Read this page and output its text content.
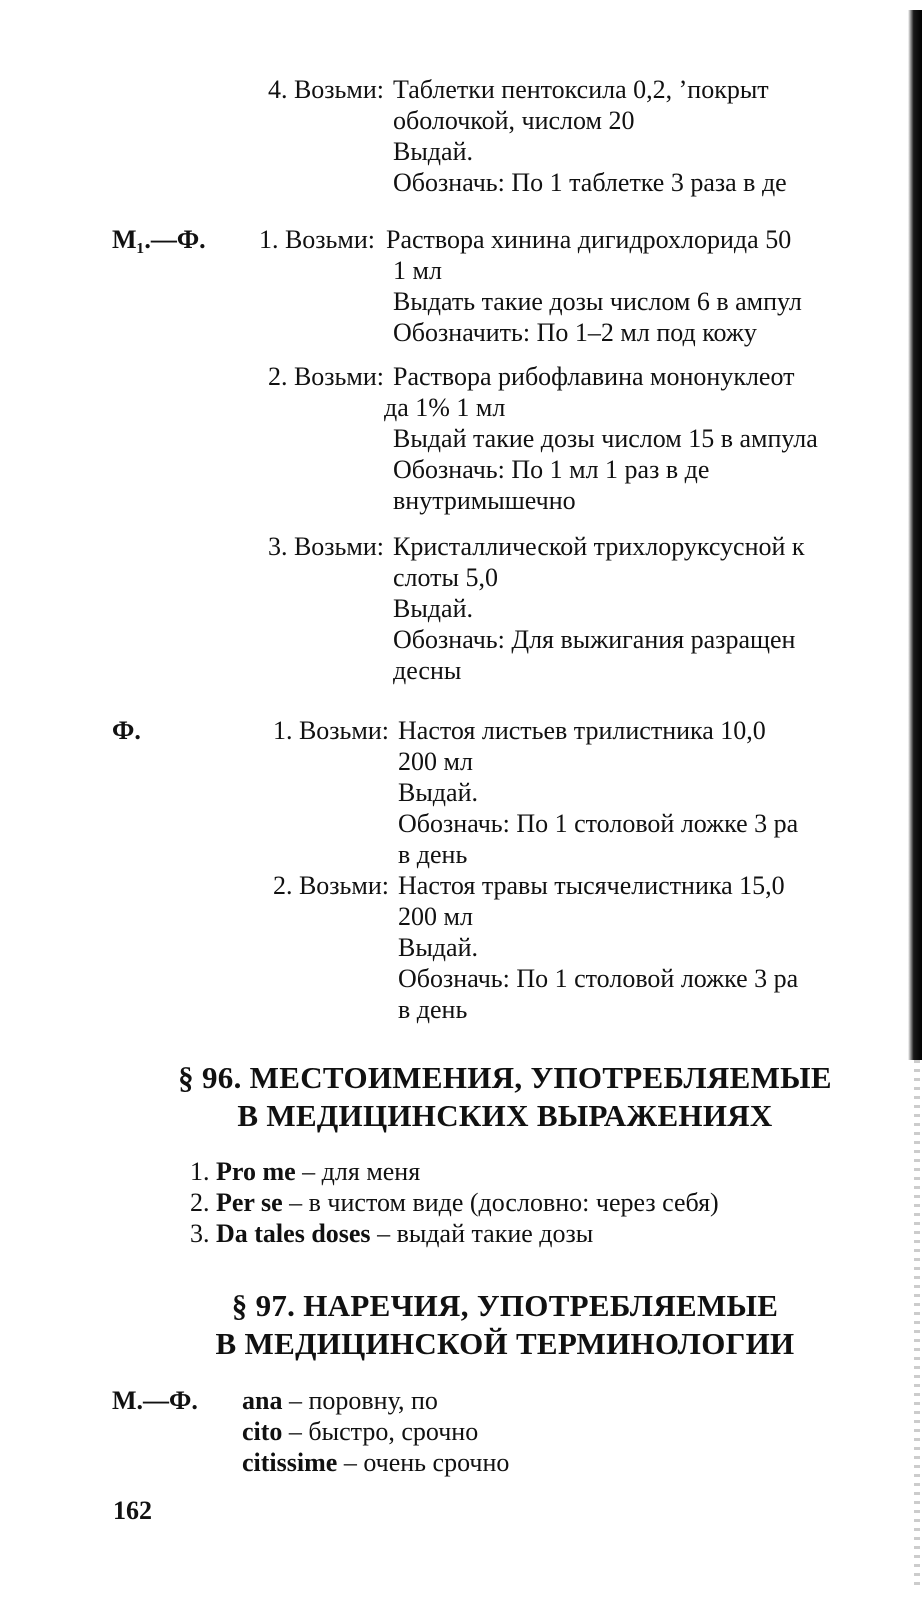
4. Возьми: Таблетки пентоксила 0,2, ʼпокрыт
оболочкой, числом 20
Выдай.
Обозначь: По 1 таблетке 3 раза в де
М₁.—Ф. 1. Возьми: Раствора хинина дигидрохлорида 50
1 мл
Выдать такие дозы числом 6 в ампул
Обозначить: По 1–2 мл под кожу
2. Возьми: Раствора рибофлавина мононуклеот
да 1% 1 мл
Выдай такие дозы числом 15 в ампула
Обозначь: По 1 мл 1 раз в де
внутримышечно
3. Возьми: Кристаллической трихлоруксусной к
слоты 5,0
Выдай.
Обозначь: Для выжигания разращен
десны
Ф.	1. Возьми: Настоя листьев трилистника 10,0
200 мл
Выдай.
Обозначь: По 1 столовой ложке 3 ра
в день
2. Возьми: Настоя травы тысячелистника 15,0
200 мл
Выдай.
Обозначь: По 1 столовой ложке 3 ра
в день
§ 96. МЕСТОИМЕНИЯ, УПОТРЕБЛЯЕМЫЕ
В МЕДИЦИНСКИХ ВЫРАЖЕНИЯХ
1. Pro me – для меня
2. Per se – в чистом виде (дословно: через себя)
3. Da tales doses – выдай такие дозы
§ 97. НАРЕЧИЯ, УПОТРЕБЛЯЕМЫЕ
В МЕДИЦИНСКОЙ ТЕРМИНОЛОГИИ
М.—Ф. ana – поровну, по
cito – быстро, срочно
citissime – очень срочно
162
